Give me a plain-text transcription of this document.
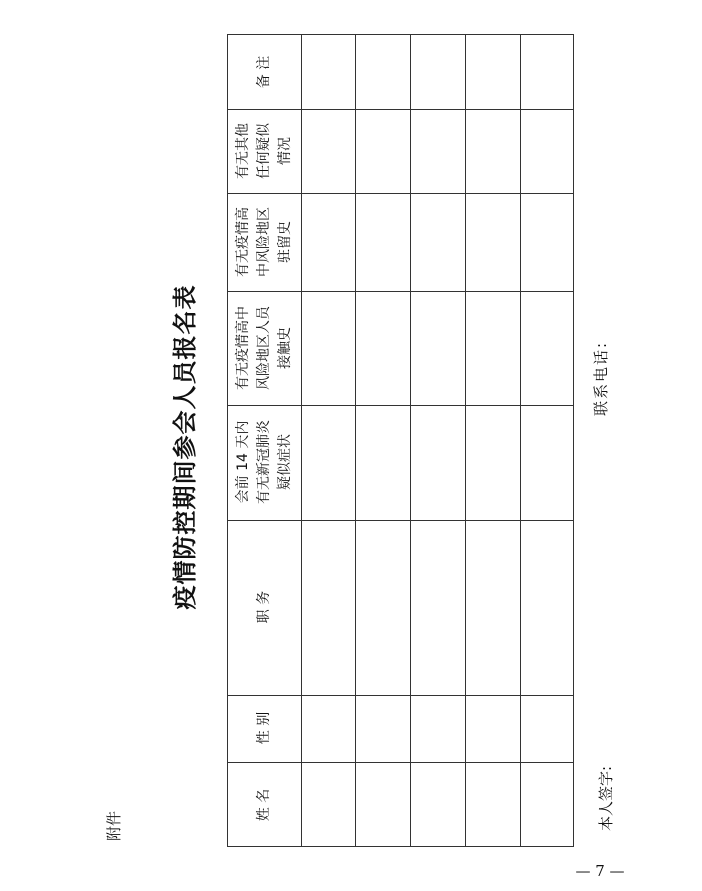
附件
疫情防控期间参会人员报名表
备 注
有无其他 任何疑似 情况
有无疫情高 中风险地区 驻留史
有无疫情高中 风险地区人员 接触史
会前 14 天内 有无新冠肺炎 疑似症状
职 务
性 别
姓 名	本人签字:
联系电话:
— 7 —
